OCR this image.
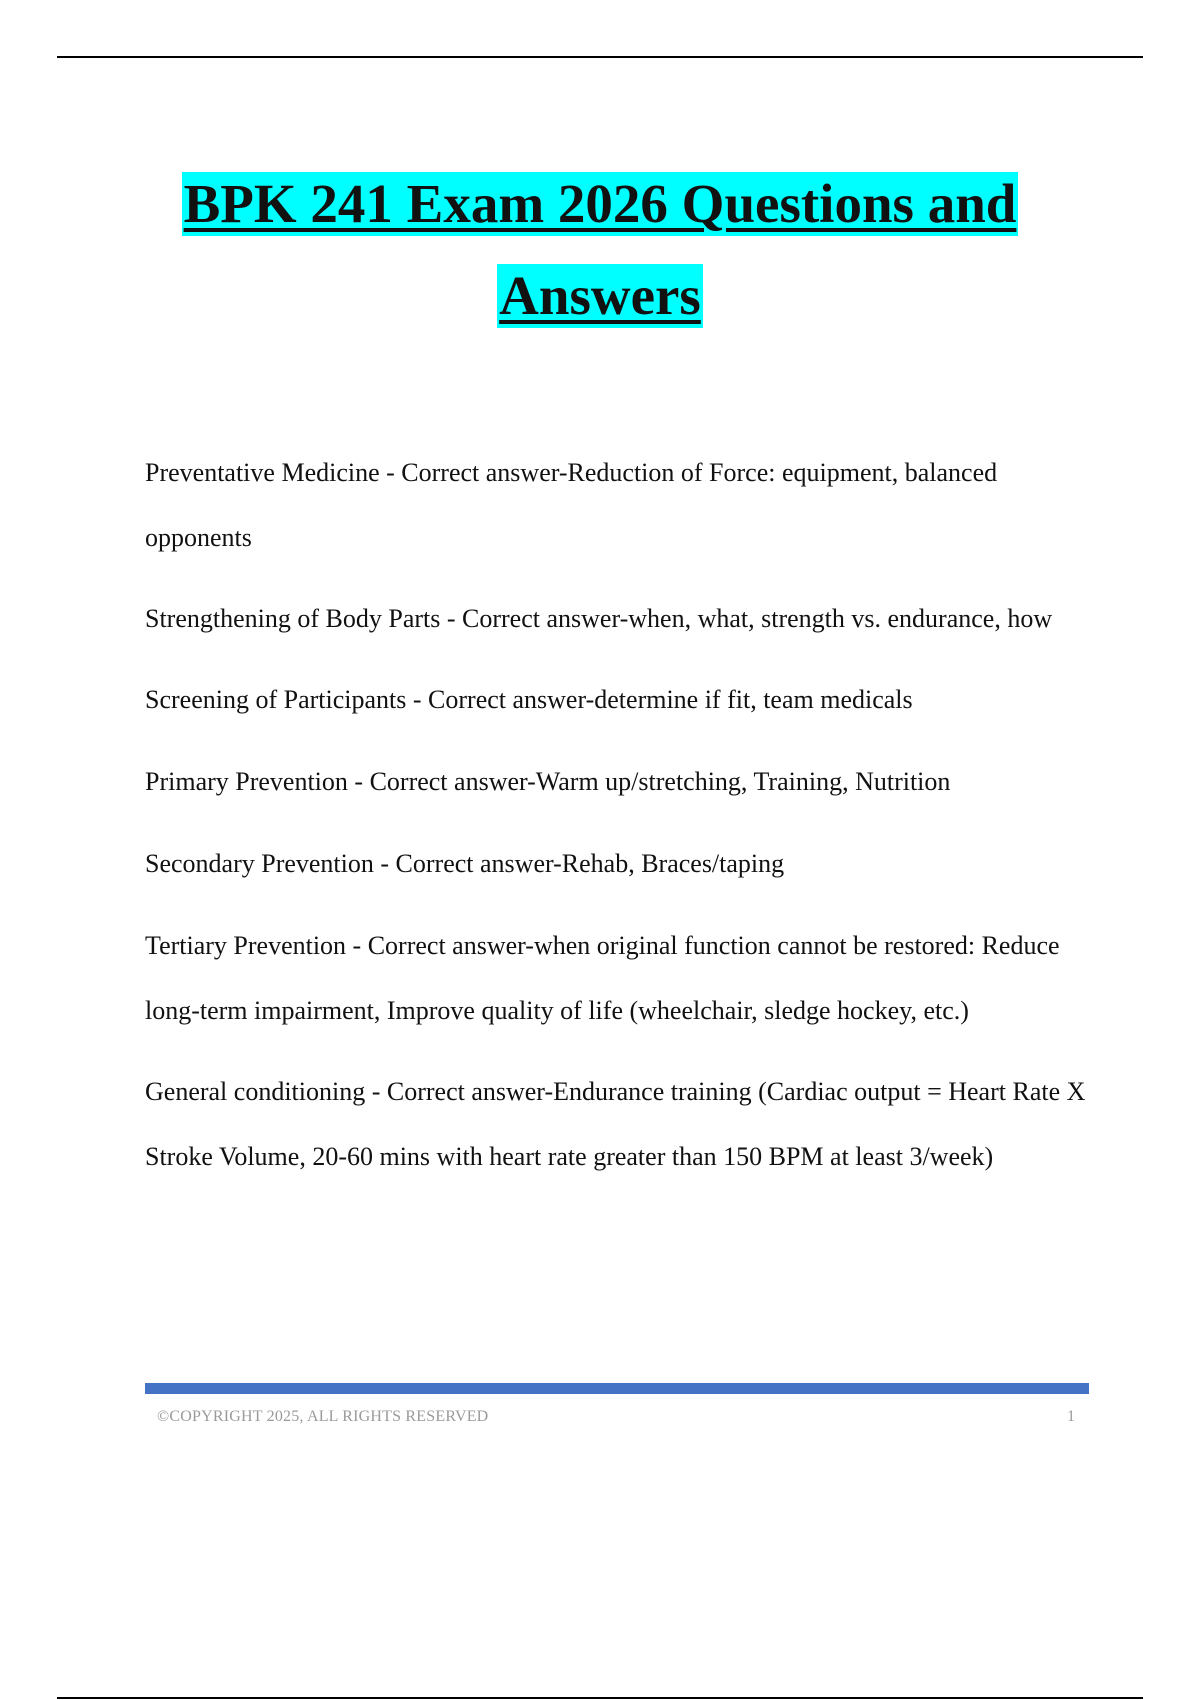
BPK 241 Exam 2026 Questions and
Answers
Preventative Medicine - Correct answer-Reduction of Force: equipment, balanced opponents
Strengthening of Body Parts - Correct answer-when, what, strength vs. endurance, how
Screening of Participants - Correct answer-determine if fit, team medicals
Primary Prevention - Correct answer-Warm up/stretching, Training, Nutrition
Secondary Prevention - Correct answer-Rehab, Braces/taping
Tertiary Prevention - Correct answer-when original function cannot be restored: Reduce long-term impairment, Improve quality of life (wheelchair, sledge hockey, etc.)
General conditioning - Correct answer-Endurance training (Cardiac output = Heart Rate X Stroke Volume, 20-60 mins with heart rate greater than 150 BPM at least 3/week)
©COPYRIGHT 2025, ALL RIGHTS RESERVED	1
